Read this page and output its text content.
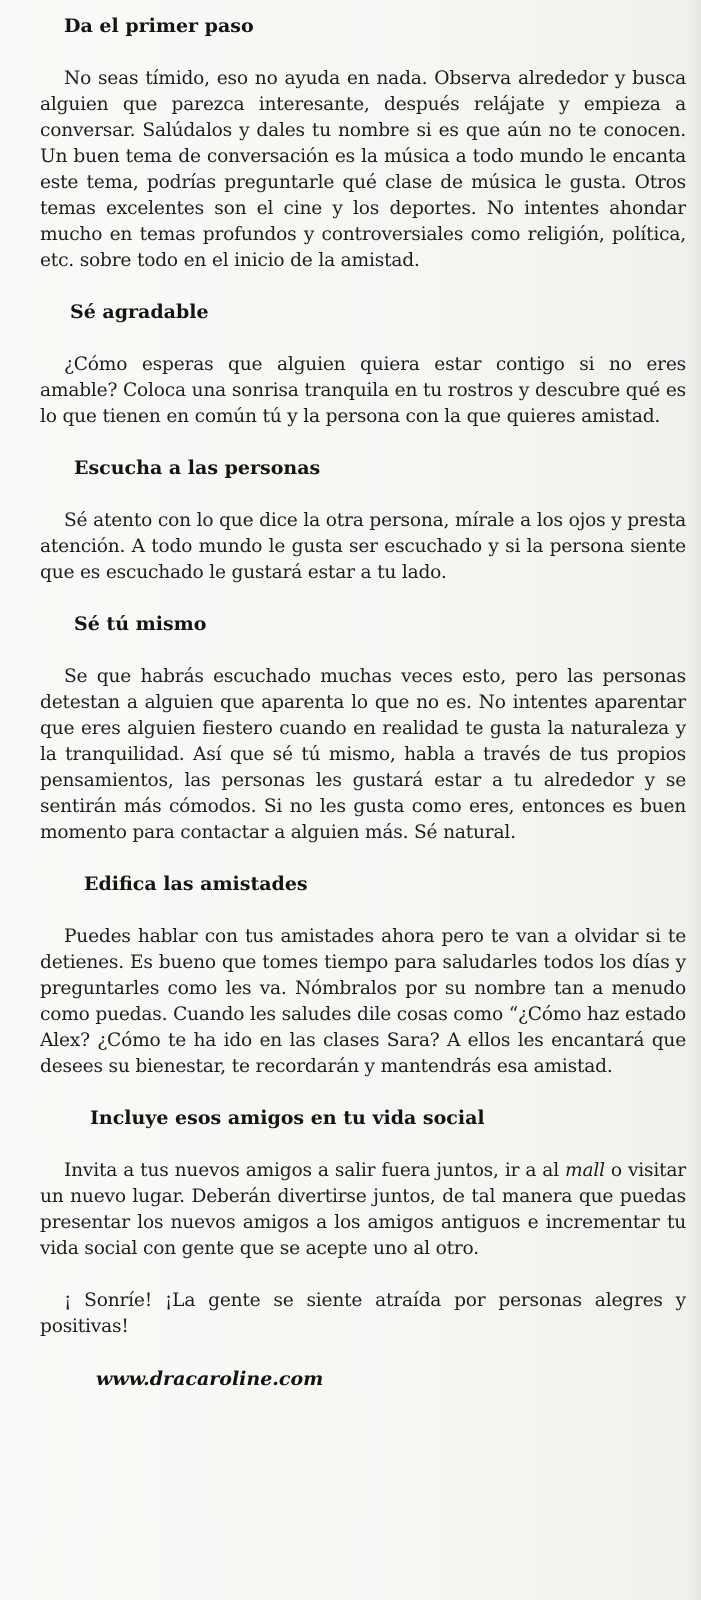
Da el primer paso

No seas tímido, eso no ayuda en nada. Observa alrededor y busca alguien que parezca interesante, después relájate y empieza a conversar. Salúdalos y dales tu nombre si es que aún no te conocen. Un buen tema de conversación es la música a todo mundo le encanta este tema, podrías preguntarle qué clase de música le gusta. Otros temas excelentes son el cine y los deportes. No intentes ahondar mucho en temas profundos y controversiales como religión, política, etc. sobre todo en el inicio de la amistad.

Sé agradable

¿Cómo esperas que alguien quiera estar contigo si no eres amable? Coloca una sonrisa tranquila en tu rostros y descubre qué es lo que tienen en común tú y la persona con la que quieres amistad.

Escucha a las personas

Sé atento con lo que dice la otra persona, mírale a los ojos y presta atención. A todo mundo le gusta ser escuchado y si la persona siente que es escuchado le gustará estar a tu lado.

Sé tú mismo

Se que habrás escuchado muchas veces esto, pero las personas detestan a alguien que aparenta lo que no es. No intentes aparentar que eres alguien fiestero cuando en realidad te gusta la naturaleza y la tranquilidad. Así que sé tú mismo, habla a través de tus propios pensamientos, las personas les gustará estar a tu alrededor y se sentirán más cómodos. Si no les gusta como eres, entonces es buen momento para contactar a alguien más. Sé natural.

Edifica las amistades

Puedes hablar con tus amistades ahora pero te van a olvidar si te detienes. Es bueno que tomes tiempo para saludarles todos los días y preguntarles como les va. Nómbralos por su nombre tan a menudo como puedas. Cuando les saludes dile cosas como “¿Cómo haz estado Alex? ¿Cómo te ha ido en las clases Sara? A ellos les encantará que desees su bienestar, te recordarán y mantendrás esa amistad.

Incluye esos amigos en tu vida social

Invita a tus nuevos amigos a salir fuera juntos, ir a al mall o visitar un nuevo lugar. Deberán divertirse juntos, de tal manera que puedas presentar los nuevos amigos a los amigos antiguos e incrementar tu vida social con gente que se acepte uno al otro.

¡ Sonríe! ¡La gente se siente atraída por personas alegres y positivas!

www.dracaroline.com
